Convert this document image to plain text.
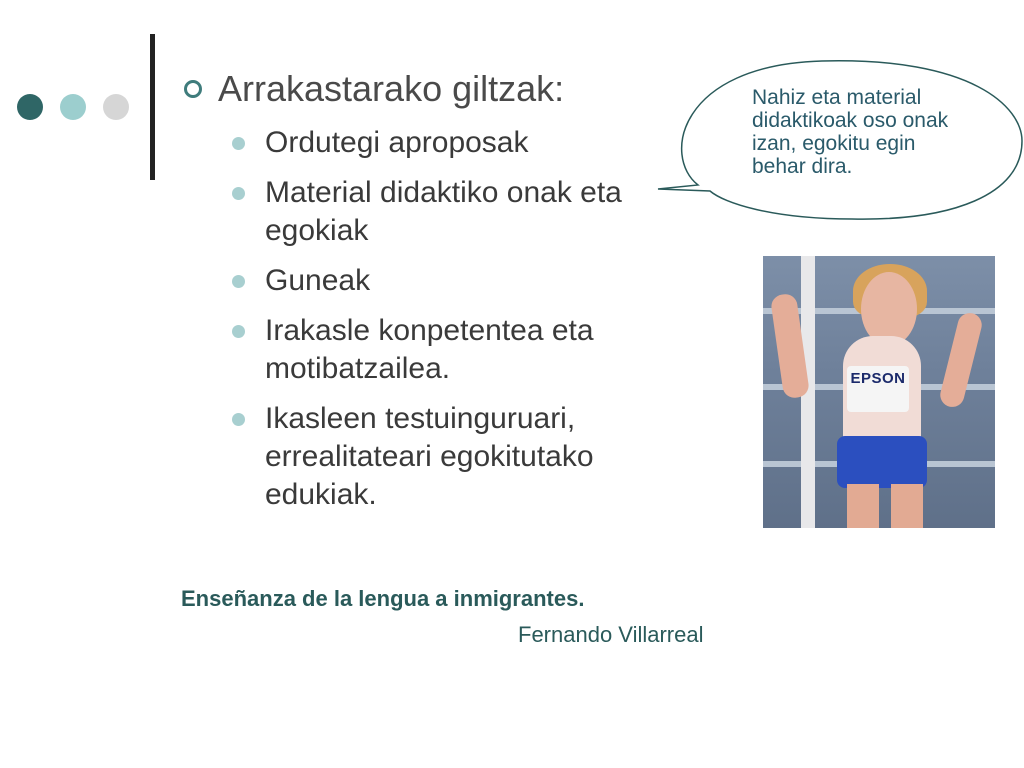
Arrakastarako giltzak:
Ordutegi aproposak
Material didaktiko onak eta egokiak
Guneak
Irakasle konpetentea eta motibatzailea.
Ikasleen testuinguruari, errealitateari egokitutako edukiak.
Nahiz eta material didaktikoak oso onak izan, egokitu egin behar dira.
EPSON

Enseñanza de la lengua a inmigrantes.

Fernando Villarreal
